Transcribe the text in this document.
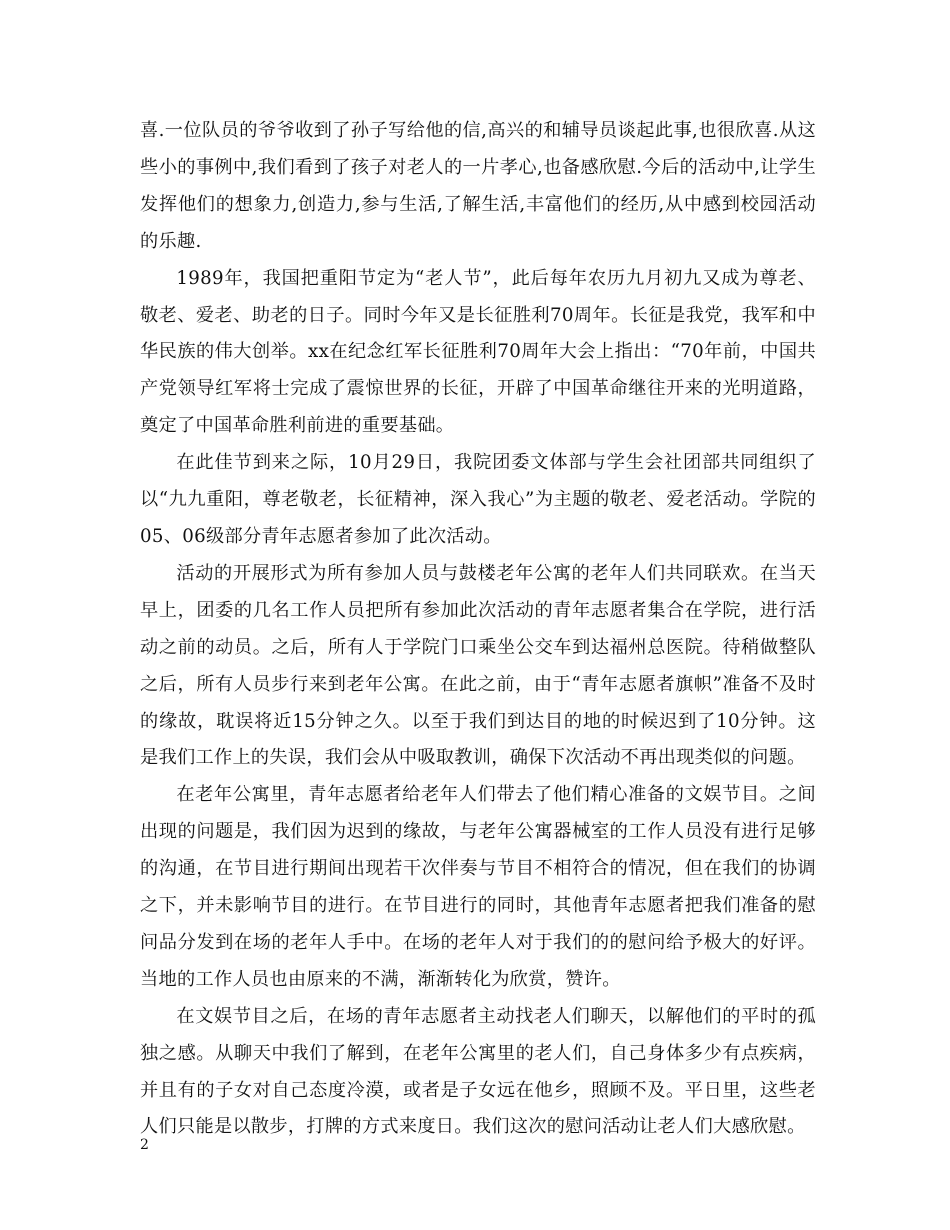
喜.一位队员的爷爷收到了孙子写给他的信,高兴的和辅导员谈起此事,也很欣喜.从这些小的事例中,我们看到了孩子对老人的一片孝心,也备感欣慰.今后的活动中,让学生发挥他们的想象力,创造力,参与生活,了解生活,丰富他们的经历,从中感到校园活动的乐趣.

1989年，我国把重阳节定为“老人节”，此后每年农历九月初九又成为尊老、敬老、爱老、助老的日子。同时今年又是长征胜利70周年。长征是我党，我军和中华民族的伟大创举。xx在纪念红军长征胜利70周年大会上指出：“70年前，中国共产党领导红军将士完成了震惊世界的长征，开辟了中国革命继往开来的光明道路，奠定了中国革命胜利前进的重要基础。

在此佳节到来之际，10月29日，我院团委文体部与学生会社团部共同组织了以“九九重阳，尊老敬老，长征精神，深入我心”为主题的敬老、爱老活动。学院的05、06级部分青年志愿者参加了此次活动。

活动的开展形式为所有参加人员与鼓楼老年公寓的老年人们共同联欢。在当天早上，团委的几名工作人员把所有参加此次活动的青年志愿者集合在学院，进行活动之前的动员。之后，所有人于学院门口乘坐公交车到达福州总医院。待稍做整队之后，所有人员步行来到老年公寓。在此之前，由于“青年志愿者旗帜”准备不及时的缘故，耽误将近15分钟之久。以至于我们到达目的地的时候迟到了10分钟。这是我们工作上的失误，我们会从中吸取教训，确保下次活动不再出现类似的问题。

在老年公寓里，青年志愿者给老年人们带去了他们精心准备的文娱节目。之间出现的问题是，我们因为迟到的缘故，与老年公寓器械室的工作人员没有进行足够的沟通，在节目进行期间出现若干次伴奏与节目不相符合的情况，但在我们的协调之下，并未影响节目的进行。在节目进行的同时，其他青年志愿者把我们准备的慰问品分发到在场的老年人手中。在场的老年人对于我们的的慰问给予极大的好评。当地的工作人员也由原来的不满，渐渐转化为欣赏，赞许。

在文娱节目之后，在场的青年志愿者主动找老人们聊天，以解他们的平时的孤独之感。从聊天中我们了解到，在老年公寓里的老人们，自己身体多少有点疾病，并且有的子女对自己态度冷漠，或者是子女远在他乡，照顾不及。平日里，这些老人们只能是以散步，打牌的方式来度日。我们这次的慰问活动让老人们大感欣慰。

2
